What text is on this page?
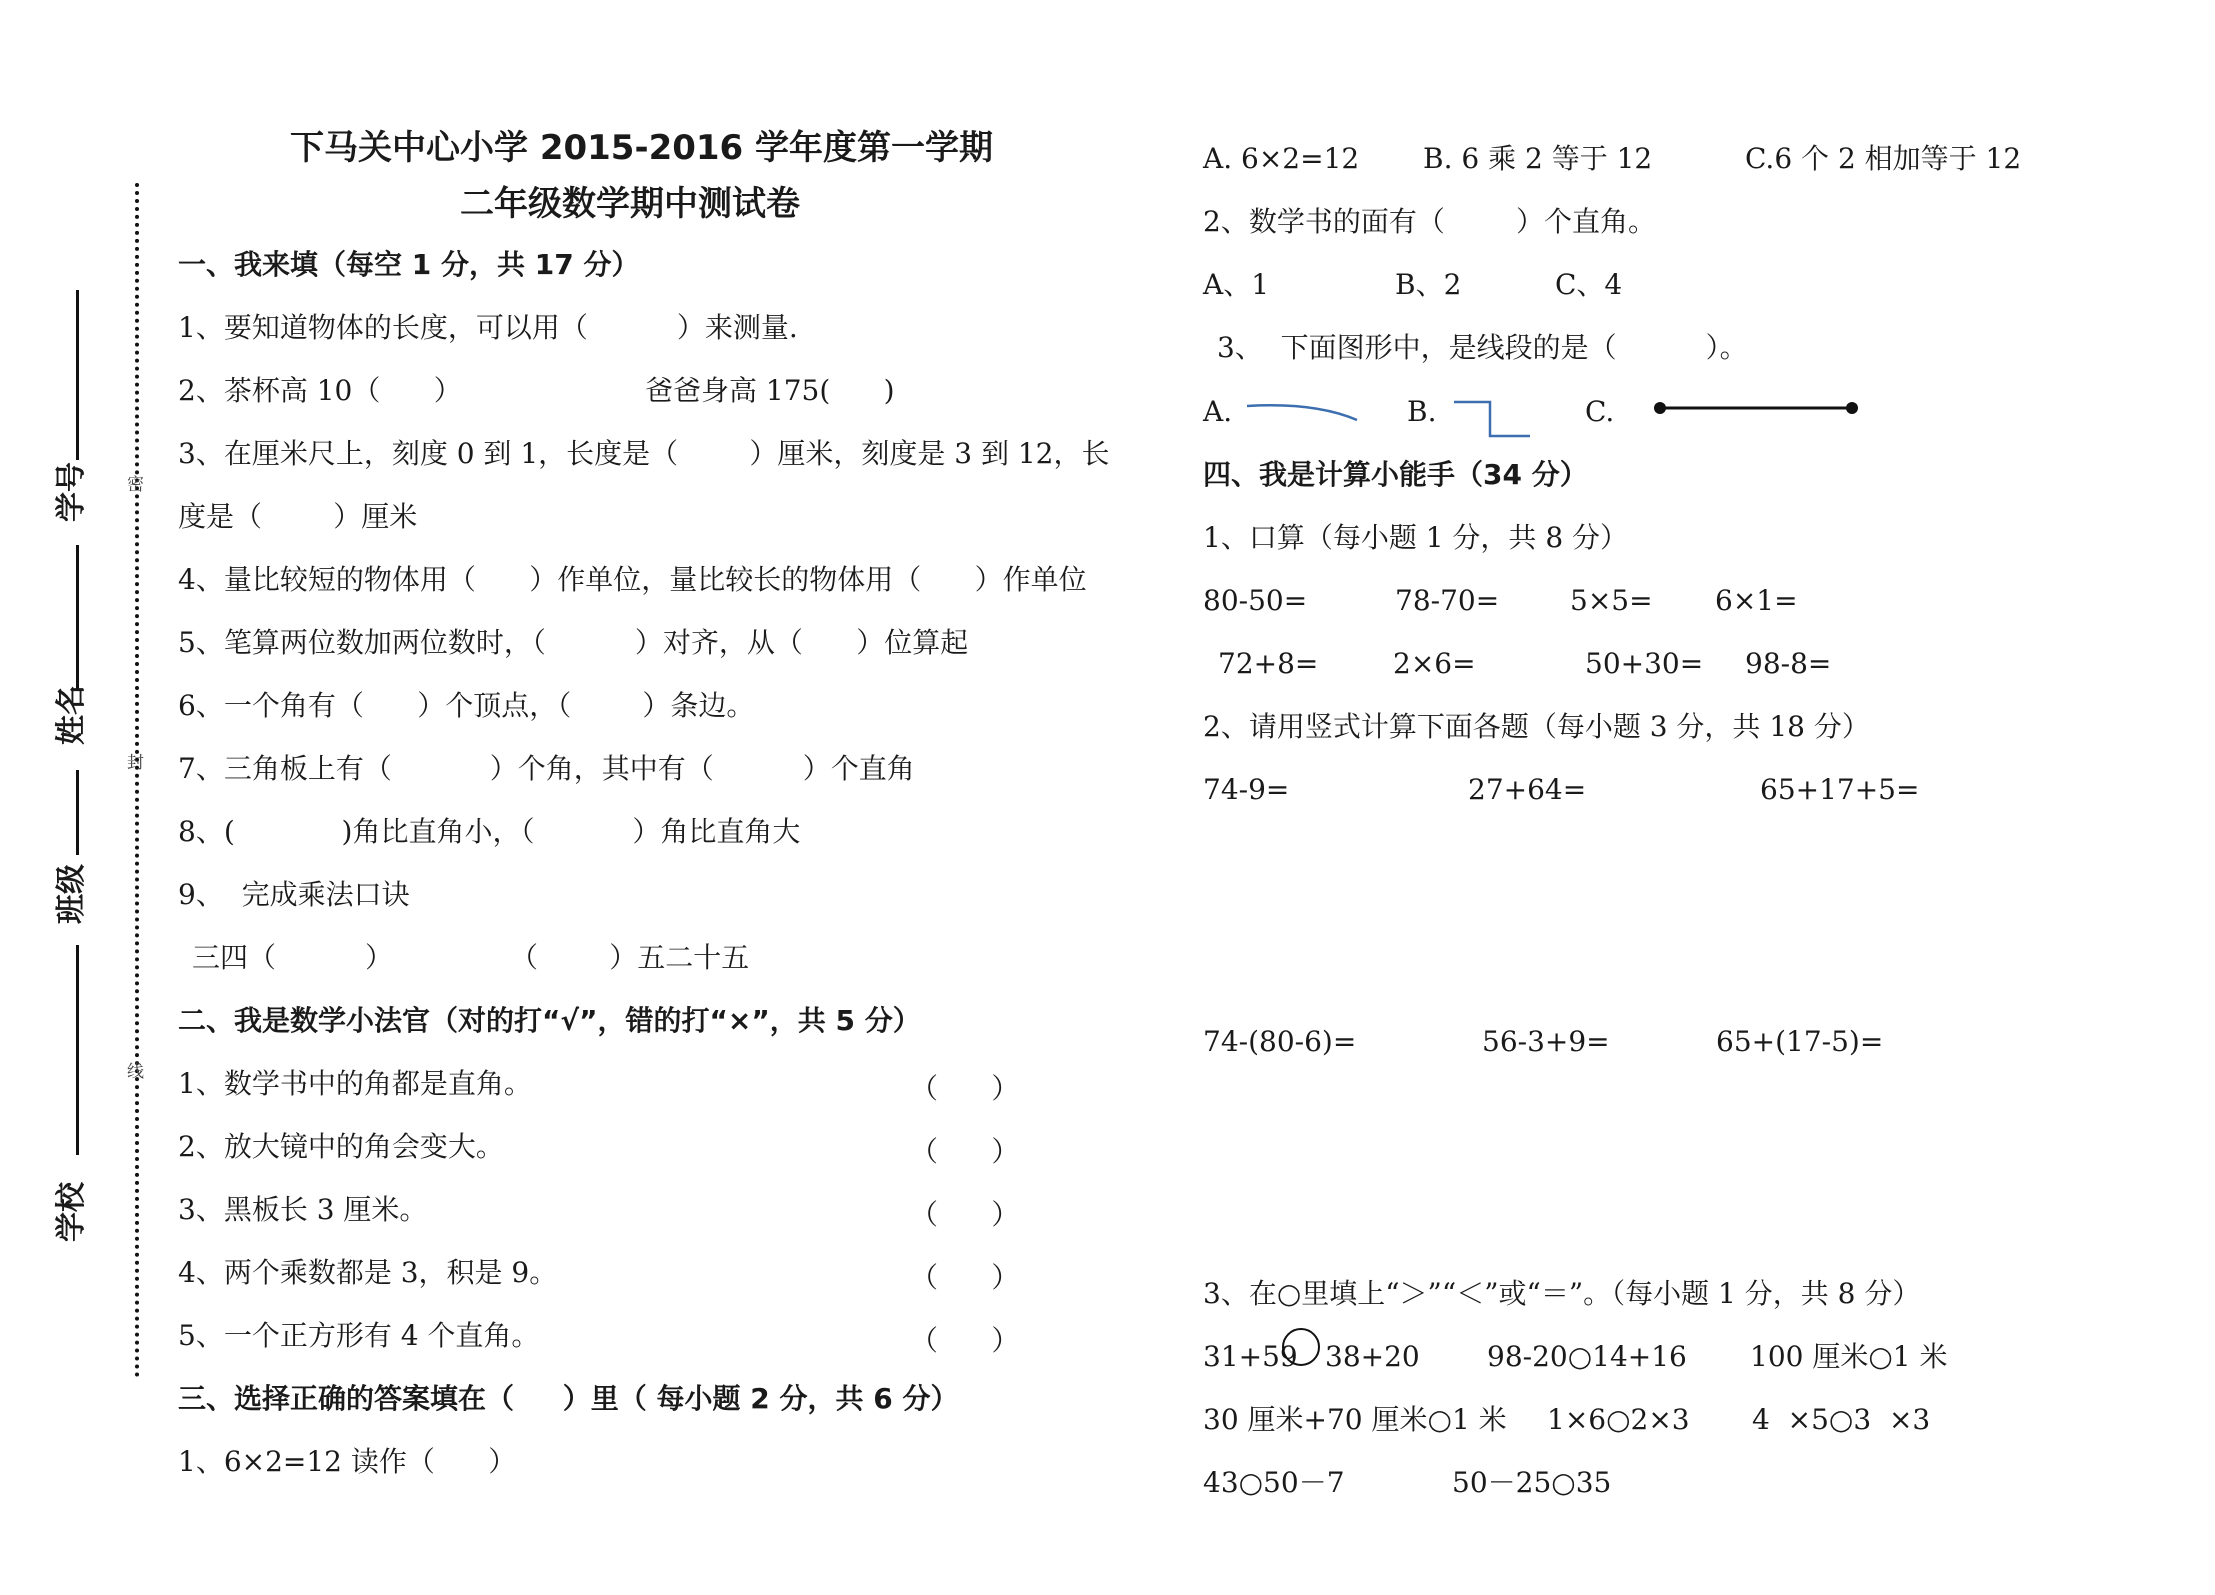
学号
姓名
班级
学校
密
封
线
下马关中心小学 2015-2016 学年度第一学期
二年级数学期中测试卷
一、我来填（每空 1 分，共 17 分）
1、要知道物体的长度，可以用（          ）来测量.
2、茶杯高 10（      ）	爸爸身高 175(      )
3、在厘米尺上，刻度 0 到 1，长度是（        ）厘米，刻度是 3 到 12，长
度是（        ）厘米
4、量比较短的物体用（      ）作单位，量比较长的物体用（      ）作单位
5、笔算两位数加两位数时，（          ）对齐，从（      ）位算起
6、一个角有（      ）个顶点，（        ）条边。
7、三角板上有（           ）个角，其中有（          ）个直角
8、(            )角比直角小，（           ）角比直角大
9、  完成乘法口诀
三四（          ）	（        ）五二十五
二、我是数学小法官（对的打“√”，错的打“×”，共 5 分）
1、数学书中的角都是直角。	（      ）
2、放大镜中的角会变大。	（      ）
3、黑板长 3 厘米。	（      ）
4、两个乘数都是 3，积是 9。	（      ）
5、一个正方形有 4 个直角。	（      ）
三、选择正确的答案填在（     ）里（ 每小题 2 分，共 6 分）
1、6×2=12 读作（      ）
A. 6×2=12 B. 6 乘 2 等于 12	C.6 个 2 相加等于 12
2、数学书的面有（        ）个直角。
A、1	B、2	C、4
3、  下面图形中，是线段的是（          ）。
A.	B.	C.
四、我是计算小能手（34 分）
1、口算（每小题 1 分，共 8 分）
80-50=	78-70=	5×5= 6×1=
72+8=	2×6=	50+30= 98-8=
2、请用竖式计算下面各题（每小题 3 分，共 18 分）
74-9=	27+64=	65+17+5=
74-(80-6)=	56-3+9=	65+(17-5)=
3、在○里填上“＞”“＜”或“＝”。（每小题 1 分，共 8 分）
31+59 38+20 98-20○14+16 100 厘米○1 米
30 厘米+70 厘米○1 米 1×6○2×3 4  ×5○3  ×3
43○50－7	50－25○35
